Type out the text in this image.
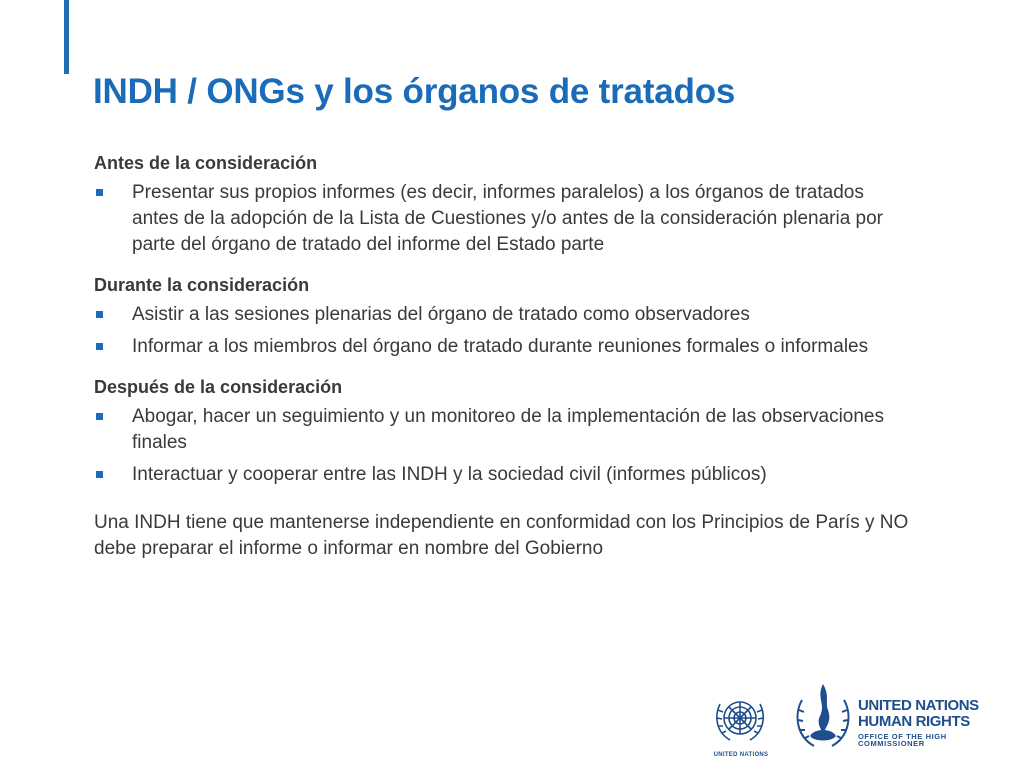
INDH / ONGs y los órganos de tratados

Antes de la consideración

Presentar sus propios informes (es decir, informes paralelos) a los órganos de tratados antes de la adopción de la Lista de Cuestiones y/o antes de la consideración plenaria por parte del órgano de tratado del informe del Estado parte

Durante la consideración

Asistir a las sesiones plenarias del órgano de tratado como observadores
Informar a los miembros del órgano de tratado durante reuniones formales o informales

Después de la consideración

Abogar, hacer un seguimiento y un monitoreo de la implementación de las observaciones finales
Interactuar y cooperar entre las INDH y la sociedad civil (informes públicos)

Una INDH tiene que mantenerse independiente en conformidad con los Principios de París y NO debe preparar el informe o informar en nombre del Gobierno

UNITED NATIONS
UNITED NATIONS
HUMAN RIGHTS
OFFICE OF THE HIGH COMMISSIONER
